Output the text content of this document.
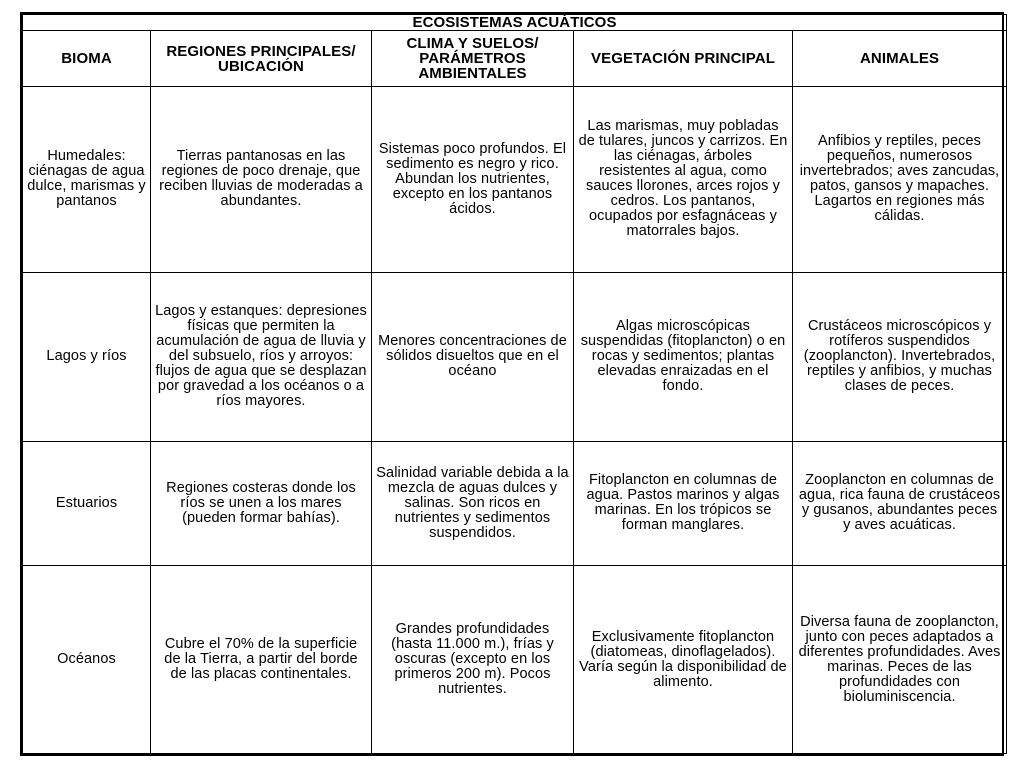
ECOSISTEMAS ACUÁTICOS				
BIOMA	REGIONES PRINCIPALES/ UBICACIÓN	CLIMA Y SUELOS/ PARÁMETROS AMBIENTALES	VEGETACIÓN PRINCIPAL	ANIMALES
Humedales: ciénagas de agua dulce, marismas y pantanos	Tierras pantanosas en las regiones de poco drenaje, que reciben lluvias de moderadas a abundantes.	Sistemas poco profundos. El sedimento es negro y rico. Abundan los nutrientes, excepto en los pantanos ácidos.	Las marismas, muy pobladas de tulares, juncos y carrizos. En las ciénagas, árboles resistentes al agua, como sauces llorones, arces rojos y cedros. Los pantanos, ocupados por esfagnáceas y matorrales bajos.	Anfibios y reptiles, peces pequeños, numerosos invertebrados; aves zancudas, patos, gansos y mapaches. Lagartos en regiones más cálidas.
Lagos y ríos	Lagos y estanques: depresiones físicas que permiten la acumulación de agua de lluvia y del subsuelo, ríos y arroyos: flujos de agua que se desplazan por gravedad a los océanos o a ríos mayores.	Menores concentraciones de sólidos disueltos que en el océano	Algas microscópicas suspendidas (fitoplancton) o en rocas y sedimentos; plantas elevadas enraizadas en el fondo.	Crustáceos microscópicos y rotíferos suspendidos (zooplancton). Invertebrados, reptiles y anfibios, y muchas clases de peces.
Estuarios	Regiones costeras donde los ríos se unen a los mares (pueden formar bahías).	Salinidad variable debida a la mezcla de aguas dulces y salinas. Son ricos en nutrientes y sedimentos suspendidos.	Fitoplancton en columnas de agua. Pastos marinos y algas marinas. En los trópicos se forman manglares.	Zooplancton en columnas de agua, rica fauna de crustáceos y gusanos, abundantes peces y aves acuáticas.
Océanos	Cubre el 70% de la superficie de la Tierra, a partir del borde de las placas continentales.	Grandes profundidades (hasta 11.000 m.), frías y oscuras (excepto en los primeros 200 m). Pocos nutrientes.	Exclusivamente fitoplancton (diatomeas, dinoflagelados). Varía según la disponibilidad de alimento.	Diversa fauna de zooplancton, junto con peces adaptados a diferentes profundidades. Aves marinas. Peces de las profundidades con bioluminiscencia.
